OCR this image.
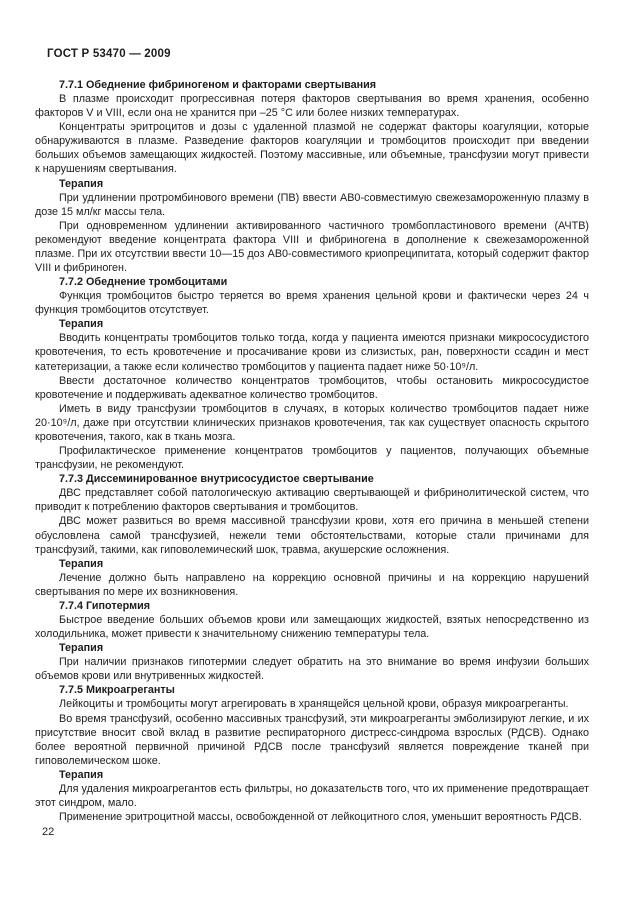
ГОСТ Р 53470 — 2009

7.7.1 Обеднение фибриногеном и факторами свертывания

В плазме происходит прогрессивная потеря факторов свертывания во время хранения, особенно факторов V и VIII, если она не хранится при –25 °С или более низких температурах.

Концентраты эритроцитов и дозы с удаленной плазмой не содержат факторы коагуляции, которые обнаруживаются в плазме. Разведение факторов коагуляции и тромбоцитов происходит при введении больших объемов замещающих жидкостей. Поэтому массивные, или объемные, трансфузии могут привести к нарушениям свертывания.

Терапия

При удлинении протромбинового времени (ПВ) ввести АВ0-совместимую свежезамороженную плазму в дозе 15 мл/кг массы тела.

При одновременном удлинении активированного частичного тромбопластинового времени (АЧТВ) рекомендуют введение концентрата фактора VIII и фибриногена в дополнение к свежезамороженной плазме. При их отсутствии ввести 10—15 доз АВ0-совместимого криопреципитата, который содержит фактор VIII и фибриноген.

7.7.2 Обеднение тромбоцитами

Функция тромбоцитов быстро теряется во время хранения цельной крови и фактически через 24 ч функция тромбоцитов отсутствует.

Терапия

Вводить концентраты тромбоцитов только тогда, когда у пациента имеются признаки микрососудистого кровотечения, то есть кровотечение и просачивание крови из слизистых, ран, поверхности ссадин и мест катетеризации, а также если количество тромбоцитов у пациента падает ниже 50·10⁹/л.

Ввести достаточное количество концентратов тромбоцитов, чтобы остановить микрососудистое кровотечение и поддерживать адекватное количество тромбоцитов.

Иметь в виду трансфузии тромбоцитов в случаях, в которых количество тромбоцитов падает ниже 20·10⁹/л, даже при отсутствии клинических признаков кровотечения, так как существует опасность скрытого кровотечения, такого, как в ткань мозга.

Профилактическое применение концентратов тромбоцитов у пациентов, получающих объемные трансфузии, не рекомендуют.

7.7.3 Диссеминированное внутрисосудистое свертывание

ДВС представляет собой патологическую активацию свертывающей и фибринолитической систем, что приводит к потреблению факторов свертывания и тромбоцитов.

ДВС может развиться во время массивной трансфузии крови, хотя его причина в меньшей степени обусловлена самой трансфузией, нежели теми обстоятельствами, которые стали причинами для трансфузий, такими, как гиповолемический шок, травма, акушерские осложнения.

Терапия

Лечение должно быть направлено на коррекцию основной причины и на коррекцию нарушений свертывания по мере их возникновения.

7.7.4 Гипотермия

Быстрое введение больших объемов крови или замещающих жидкостей, взятых непосредственно из холодильника, может привести к значительному снижению температуры тела.

Терапия

При наличии признаков гипотермии следует обратить на это внимание во время инфузии больших объемов крови или внутривенных жидкостей.

7.7.5 Микроагреганты

Лейкоциты и тромбоциты могут агрегировать в хранящейся цельной крови, образуя микроагреганты.

Во время трансфузий, особенно массивных трансфузий, эти микроагреганты эмболизируют легкие, и их присутствие вносит свой вклад в развитие респираторного дистресс-синдрома взрослых (РДСВ). Однако более вероятной первичной причиной РДСВ после трансфузий является повреждение тканей при гиповолемическом шоке.

Терапия

Для удаления микроагрегантов есть фильтры, но доказательств того, что их применение предотвращает этот синдром, мало.

Применение эритроцитной массы, освобожденной от лейкоцитного слоя, уменьшит вероятность РДСВ.

22
